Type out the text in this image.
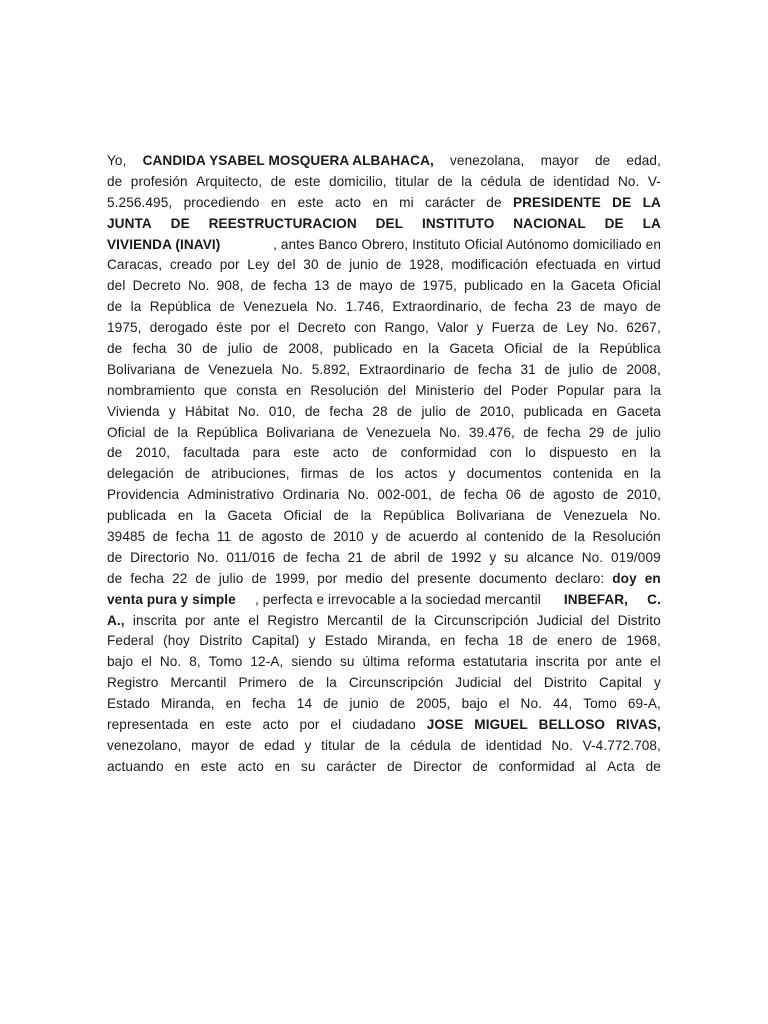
Yo, CANDIDA YSABEL MOSQUERA ALBAHACA, venezolana, mayor de edad,
de profesión Arquitecto, de este domicilio, titular de la cédula de identidad No. V-
5.256.495, procediendo en este acto en mi carácter de PRESIDENTE DE LA
JUNTA DE REESTRUCTURACION DEL INSTITUTO NACIONAL DE LA
VIVIENDA (INAVI)	, antes Banco Obrero, Instituto Oficial Autónomo domiciliado en
Caracas, creado por Ley del 30 de junio de 1928, modificación efectuada en virtud
del Decreto No. 908, de fecha 13 de mayo de 1975, publicado en la Gaceta Oficial
de la República de Venezuela No. 1.746, Extraordinario, de fecha 23 de mayo de
1975, derogado éste por el Decreto con Rango, Valor y Fuerza de Ley No. 6267,
de fecha 30 de julio de 2008, publicado en la Gaceta Oficial de la República
Bolivariana de Venezuela No. 5.892, Extraordinario de fecha 31 de julio de 2008,
nombramiento que consta en Resolución del Ministerio del Poder Popular para la
Vivienda y Hábitat No. 010, de fecha 28 de julio de 2010, publicada en Gaceta
Oficial de la República Bolivariana de Venezuela No. 39.476, de fecha 29 de julio
de 2010, facultada para este acto de conformidad con lo dispuesto en la
delegación de atribuciones, firmas de los actos y documentos contenida en la
Providencia Administrativo Ordinaria No. 002-001, de fecha 06 de agosto de 2010,
publicada en la Gaceta Oficial de la República Bolivariana de Venezuela No.
39485 de fecha 11 de agosto de 2010 y de acuerdo al contenido de la Resolución
de Directorio No. 011/016 de fecha 21 de abril de 1992 y su alcance No. 019/009
de fecha 22 de julio de 1999, por medio del presente documento declaro: doy en
venta pura y simple , perfecta e irrevocable a la sociedad mercantil INBEFAR, C.
A., inscrita por ante el Registro Mercantil de la Circunscripción Judicial del Distrito
Federal (hoy Distrito Capital) y Estado Miranda, en fecha 18 de enero de 1968,
bajo el No. 8, Tomo 12-A, siendo su última reforma estatutaria inscrita por ante el
Registro Mercantil Primero de la Circunscripción Judicial del Distrito Capital y
Estado Miranda, en fecha 14 de junio de 2005, bajo el No. 44, Tomo 69-A,
representada en este acto por el ciudadano JOSE MIGUEL BELLOSO RIVAS,
venezolano, mayor de edad y titular de la cédula de identidad No. V-4.772.708,
actuando en este acto en su carácter de Director de conformidad al Acta de
